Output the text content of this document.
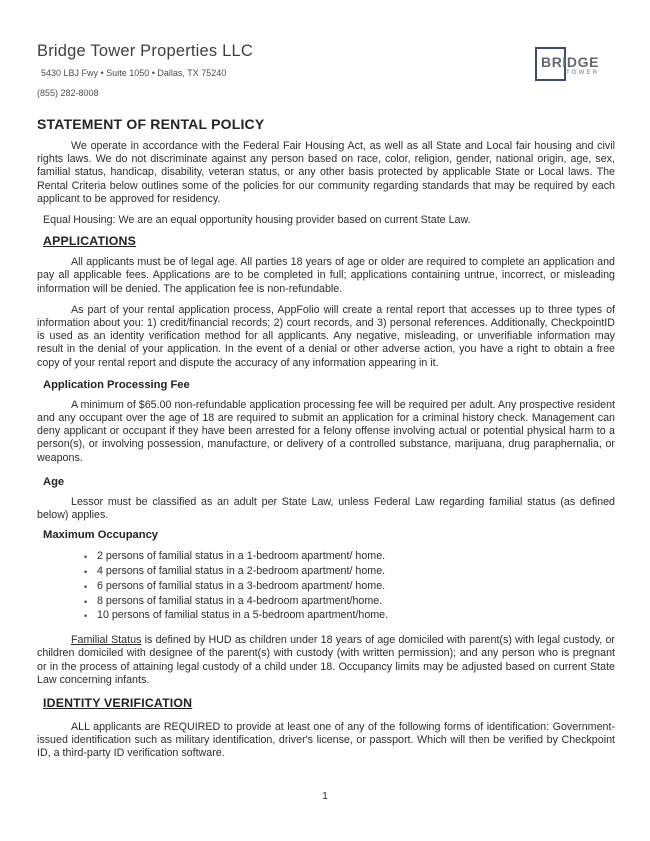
Bridge Tower Properties LLC
5430 LBJ Fwy • Suite 1050 • Dallas, TX 75240
(855) 282-8008
BRIDGE
TOWER
STATEMENT OF RENTAL POLICY

We operate in accordance with the Federal Fair Housing Act, as well as all State and Local fair housing and civil rights laws. We do not discriminate against any person based on race, color, religion, gender, national origin, age, sex, familial status, handicap, disability, veteran status, or any other basis protected by applicable State or Local laws. The Rental Criteria below outlines some of the policies for our community regarding standards that may be required by each applicant to be approved for residency.

Equal Housing: We are an equal opportunity housing provider based on current State Law.

APPLICATIONS

All applicants must be of legal age. All parties 18 years of age or older are required to complete an application and pay all applicable fees. Applications are to be completed in full; applications containing untrue, incorrect, or misleading information will be denied. The application fee is non-refundable.

As part of your rental application process, AppFolio will create a rental report that accesses up to three types of information about you: 1) credit/financial records; 2) court records, and 3) personal references. Additionally, CheckpointID is used as an identity verification method for all applicants. Any negative, misleading, or unverifiable information may result in the denial of your application. In the event of a denial or other adverse action, you have a right to obtain a free copy of your rental report and dispute the accuracy of any information appearing in it.

Application Processing Fee

A minimum of $65.00 non-refundable application processing fee will be required per adult. Any prospective resident and any occupant over the age of 18 are required to submit an application for a criminal history check. Management can deny applicant or occupant if they have been arrested for a felony offense involving actual or potential physical harm to a person(s), or involving possession, manufacture, or delivery of a controlled substance, marijuana, drug paraphernalia, or weapons.

Age

Lessor must be classified as an adult per State Law, unless Federal Law regarding familial status (as defined below) applies.

Maximum Occupancy
• 2 persons of familial status in a 1-bedroom apartment/ home.
• 4 persons of familial status in a 2-bedroom apartment/ home.
• 6 persons of familial status in a 3-bedroom apartment/ home.
• 8 persons of familial status in a 4-bedroom apartment/home.
• 10 persons of familial status in a 5-bedroom apartment/home.

Familial Status is defined by HUD as children under 18 years of age domiciled with parent(s) with legal custody, or children domiciled with designee of the parent(s) with custody (with written permission); and any person who is pregnant or in the process of attaining legal custody of a child under 18. Occupancy limits may be adjusted based on current State Law concerning infants.

IDENTITY VERIFICATION

ALL applicants are REQUIRED to provide at least one of any of the following forms of identification: Government-issued identification such as military identification, driver's license, or passport. Which will then be verified by Checkpoint ID, a third-party ID verification software.

1
